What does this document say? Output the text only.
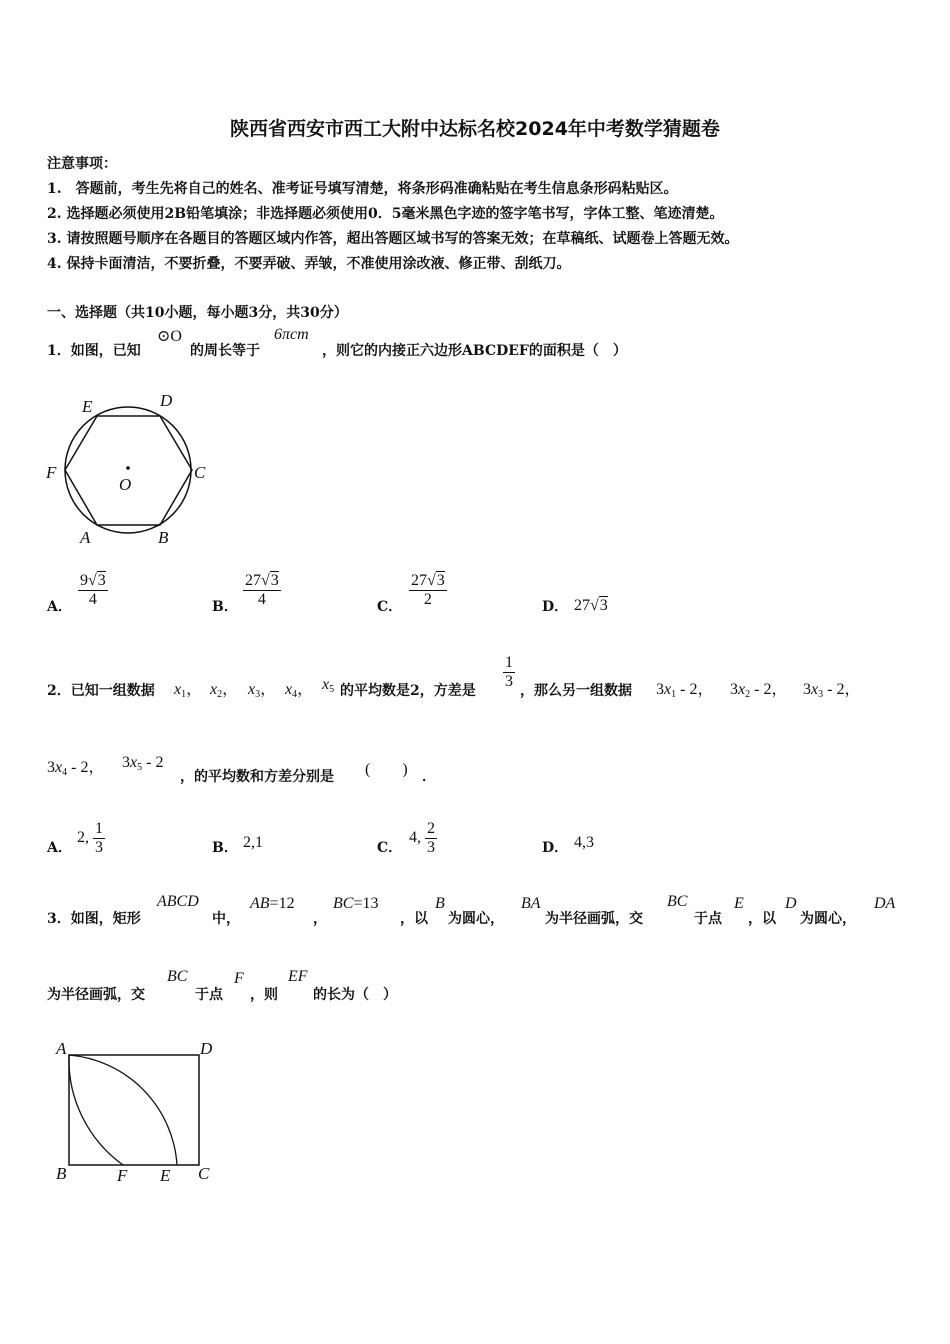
陕西省西安市西工大附中达标名校2024年中考数学猜题卷
注意事项：
1.　答题前，考生先将自己的姓名、准考证号填写清楚，将条形码准确粘贴在考生信息条形码粘贴区。
2. 选择题必须使用2B铅笔填涂；非选择题必须使用0．5毫米黑色字迹的签字笔书写，字体工整、笔迹清楚。
3. 请按照题号顺序在各题目的答题区域内作答，超出答题区域书写的答案无效；在草稿纸、试题卷上答题无效。
4. 保持卡面清洁，不要折叠，不要弄破、弄皱，不准使用涂改液、修正带、刮纸刀。
一、选择题（共10小题，每小题3分，共30分）
1．如图，已知
⊙O
的周长等于
6πcm
，则它的内接正六边形ABCDEF的面积是（　）
E	D
F	C
O
A	B
A．
9√3
4	B．
27√3
4	C．
27√3
2	D． 27√3
2．已知一组数据 $x_1$， $x_2$， $x_3$， $x_4$， $x_5$ 的平均数是2，方差是
1
3
，那么另一组数据 $3x_1 - 2$， $3x_2 - 2$， $3x_3 - 2$，
$3x_4 - 2$， $3x_5 - 2$
，的平均数和方差分别是 (　　) ．
A．
2, $\frac{1}{3}$	B． 2,1	C．
4, $\frac{2}{3}$	D． 4,3
3．如图，矩形
ABCD
中，
AB=12
，
BC=13
，以
B
为圆心，
BA
为半径画弧，交
BC
于点
E
，以
D
为圆心，
DA
为半径画弧，交
BC
于点
F
，则
EF
的长为（　）
A	D
B	F E C
